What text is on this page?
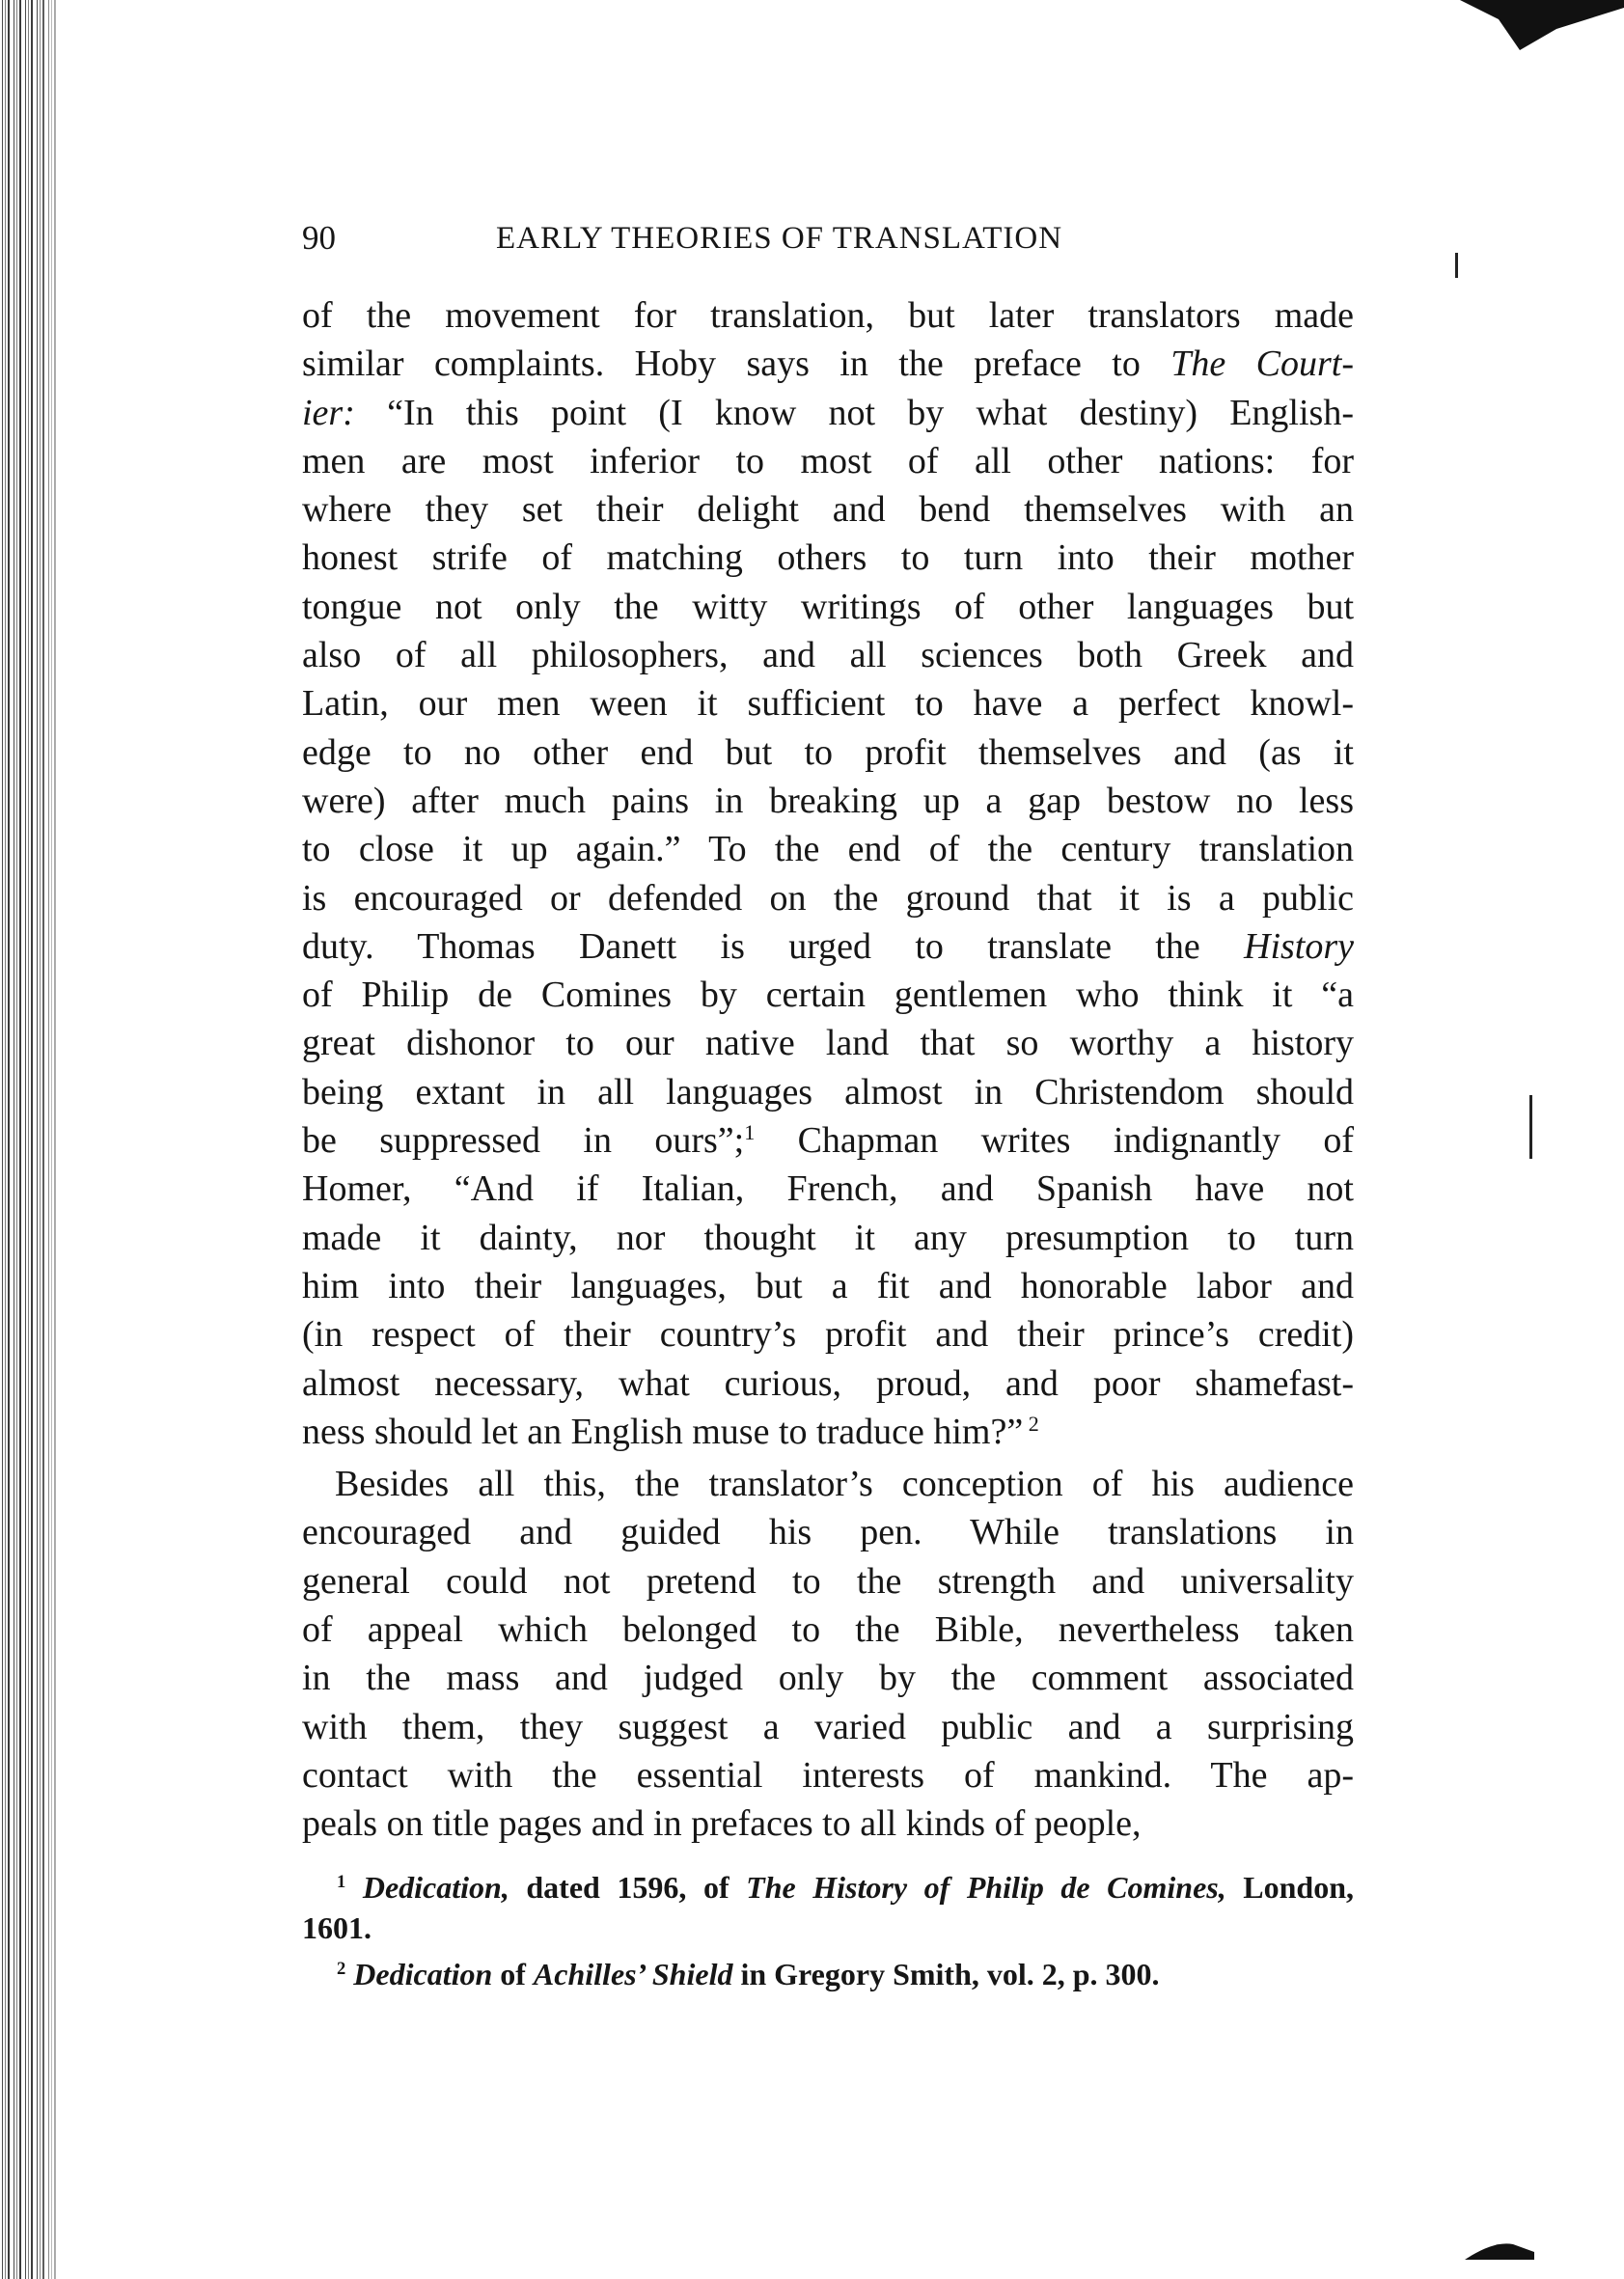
90	EARLY THEORIES OF TRANSLATION
of the movement for translation, but later translators made
similar complaints. Hoby says in the preface to The Court-
ier: “In this point (I know not by what destiny) English-
men are most inferior to most of all other nations: for
where they set their delight and bend themselves with an
honest strife of matching others to turn into their mother
tongue not only the witty writings of other languages but
also of all philosophers, and all sciences both Greek and
Latin, our men ween it sufficient to have a perfect knowl-
edge to no other end but to profit themselves and (as it
were) after much pains in breaking up a gap bestow no less
to close it up again.” To the end of the century translation
is encouraged or defended on the ground that it is a public
duty. Thomas Danett is urged to translate the History
of Philip de Comines by certain gentlemen who think it “a
great dishonor to our native land that so worthy a history
being extant in all languages almost in Christendom should
be suppressed in ours”;$^1$ Chapman writes indignantly of
Homer, “And if Italian, French, and Spanish have not
made it dainty, nor thought it any presumption to turn
him into their languages, but a fit and honorable labor and
(in respect of their country’s profit and their prince’s credit)
almost necessary, what curious, proud, and poor shamefast-
ness should let an English muse to traduce him?” $^2$
Besides all this, the translator’s conception of his audience
encouraged and guided his pen. While translations in
general could not pretend to the strength and universality
of appeal which belonged to the Bible, nevertheless taken
in the mass and judged only by the comment associated
with them, they suggest a varied public and a surprising
contact with the essential interests of mankind. The ap-
peals on title pages and in prefaces to all kinds of people,
$^1$ Dedication, dated 1596, of The History of Philip de Comines, London,
1601.
$^2$ Dedication of Achilles’ Shield in Gregory Smith, vol. 2, p. 300.
